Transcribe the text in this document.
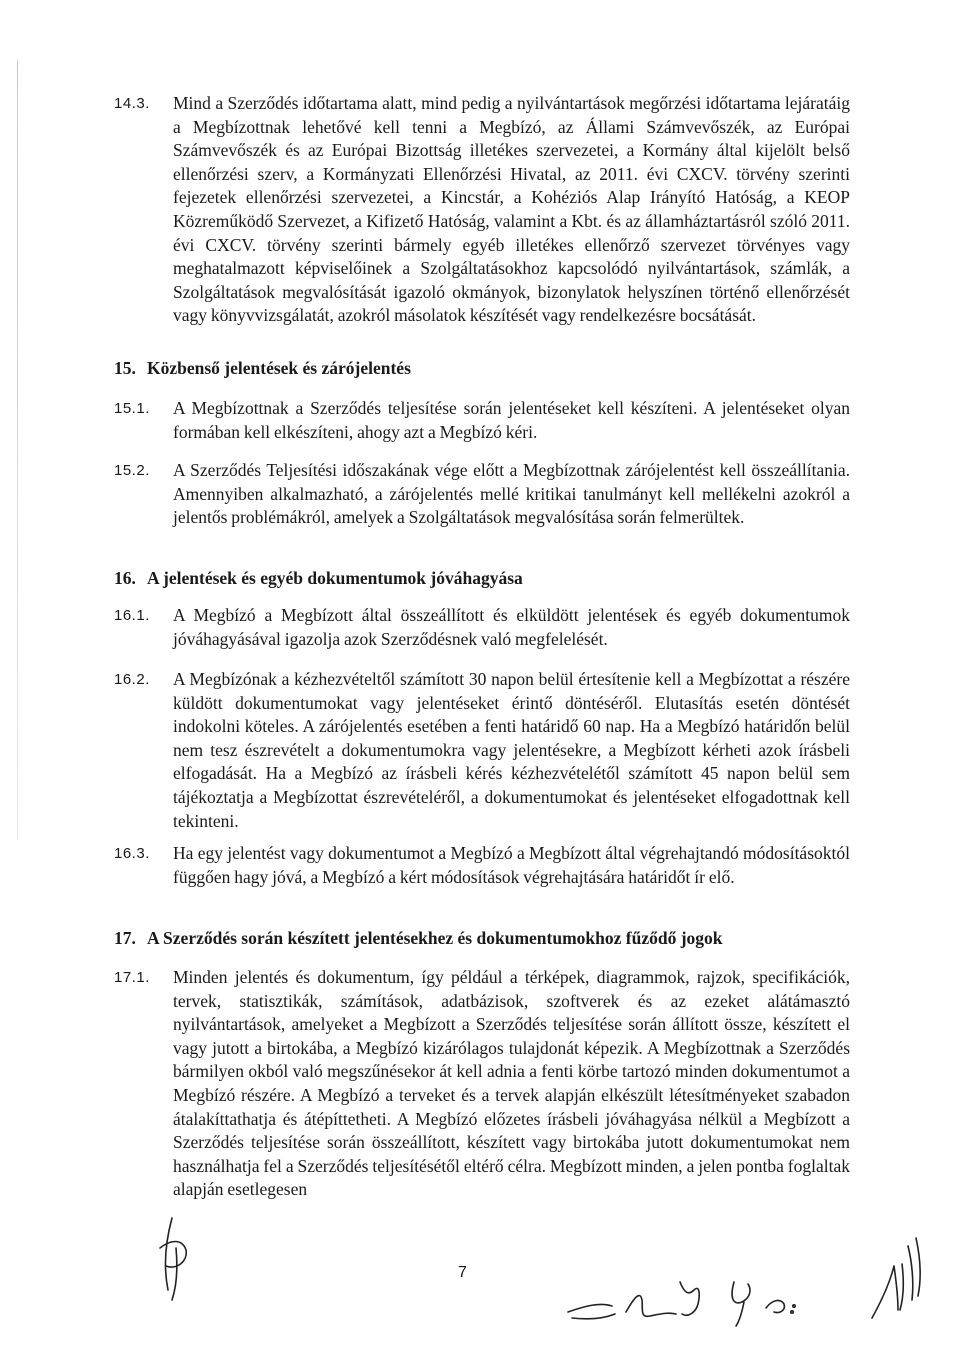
14.3. Mind a Szerződés időtartama alatt, mind pedig a nyilvántartások megőrzési időtartama lejáratáig a Megbízottnak lehetővé kell tenni a Megbízó, az Állami Számvevőszék, az Európai Számvevőszék és az Európai Bizottság illetékes szervezetei, a Kormány által kijelölt belső ellenőrzési szerv, a Kormányzati Ellenőrzési Hivatal, az 2011. évi CXCV. törvény szerinti fejezetek ellenőrzési szervezetei, a Kincstár, a Kohéziós Alap Irányító Hatóság, a KEOP Közreműködő Szervezet, a Kifizető Hatóság, valamint a Kbt. és az államháztartásról szóló 2011. évi CXCV. törvény szerinti bármely egyéb illetékes ellenőrző szervezet törvényes vagy meghatalmazott képviselőinek a Szolgáltatásokhoz kapcsolódó nyilvántartások, számlák, a Szolgáltatások megvalósítását igazoló okmányok, bizonylatok helyszínen történő ellenőrzését vagy könyvvizsgálatát, azokról másolatok készítését vagy rendelkezésre bocsátását.
15. Közbenső jelentések és zárójelentés
15.1. A Megbízottnak a Szerződés teljesítése során jelentéseket kell készíteni. A jelentéseket olyan formában kell elkészíteni, ahogy azt a Megbízó kéri.
15.2. A Szerződés Teljesítési időszakának vége előtt a Megbízottnak zárójelentést kell összeállítania. Amennyiben alkalmazható, a zárójelentés mellé kritikai tanulmányt kell mellékelni azokról a jelentős problémákról, amelyek a Szolgáltatások megvalósítása során felmerültek.
16. A jelentések és egyéb dokumentumok jóváhagyása
16.1. A Megbízó a Megbízott által összeállított és elküldött jelentések és egyéb dokumentumok jóváhagyásával igazolja azok Szerződésnek való megfelelését.
16.2. A Megbízónak a kézhezvételtől számított 30 napon belül értesítenie kell a Megbízottat a részére küldött dokumentumokat vagy jelentéseket érintő döntéséről. Elutasítás esetén döntését indokolni köteles. A zárójelentés esetében a fenti határidő 60 nap. Ha a Megbízó határidőn belül nem tesz észrevételt a dokumentumokra vagy jelentésekre, a Megbízott kérheti azok írásbeli elfogadását. Ha a Megbízó az írásbeli kérés kézhezvételétől számított 45 napon belül sem tájékoztatja a Megbízottat észrevételéről, a dokumentumokat és jelentéseket elfogadottnak kell tekinteni.
16.3. Ha egy jelentést vagy dokumentumot a Megbízó a Megbízott által végrehajtandó módosításoktól függően hagy jóvá, a Megbízó a kért módosítások végrehajtására határidőt ír elő.
17. A Szerződés során készített jelentésekhez és dokumentumokhoz fűződő jogok
17.1. Minden jelentés és dokumentum, így például a térképek, diagrammok, rajzok, specifikációk, tervek, statisztikák, számítások, adatbázisok, szoftverek és az ezeket alátámasztó nyilvántartások, amelyeket a Megbízott a Szerződés teljesítése során állított össze, készített el vagy jutott a birtokába, a Megbízó kizárólagos tulajdonát képezik. A Megbízottnak a Szerződés bármilyen okból való megszűnésekor át kell adnia a fenti körbe tartozó minden dokumentumot a Megbízó részére. A Megbízó a terveket és a tervek alapján elkészült létesítményeket szabadon átalakíttathatja és átépíttetheti. A Megbízó előzetes írásbeli jóváhagyása nélkül a Megbízott a Szerződés teljesítése során összeállított, készített vagy birtokába jutott dokumentumokat nem használhatja fel a Szerződés teljesítésétől eltérő célra. Megbízott minden, a jelen pontba foglaltak alapján esetlegesen
7
